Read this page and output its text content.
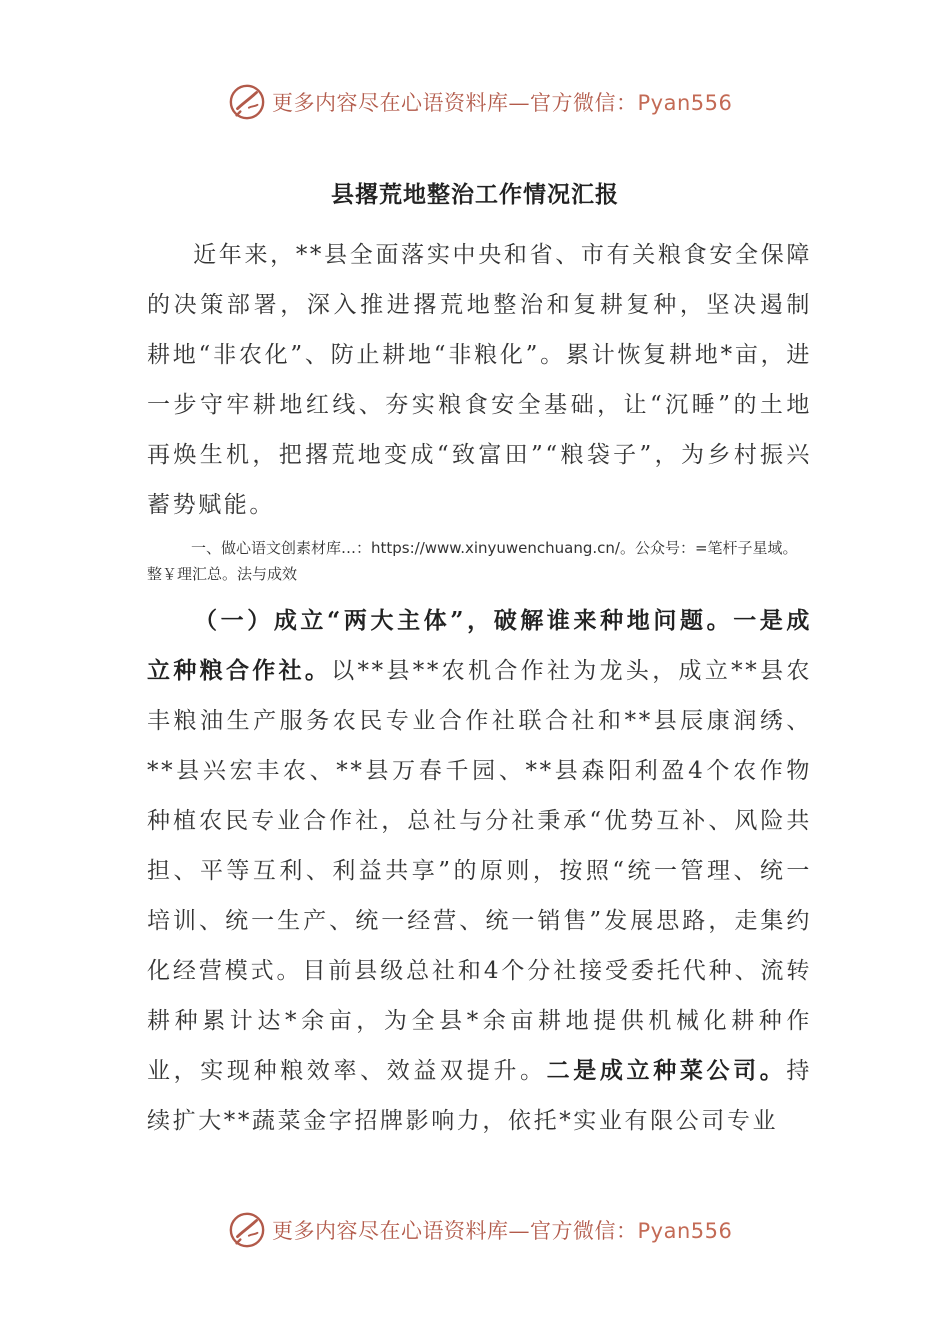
更多内容尽在心语资料库—官方微信：Pyan556
县撂荒地整治工作情况汇报

近年来，**县全面落实中央和省、市有关粮食安全保障的决策部署，深入推进撂荒地整治和复耕复种，坚决遏制耕地“非农化”、防止耕地“非粮化”。累计恢复耕地*亩，进一步守牢耕地红线、夯实粮食安全基础，让“沉睡”的土地再焕生机，把撂荒地变成“致富田”“粮袋子”，为乡村振兴蓄势赋能。

一、做心语文创素材库…：https://www.xinyuwenchuang.cn/。公众号：=笔杆子星域。整￥理汇总。法与成效

（一）成立“两大主体”，破解谁来种地问题。一是成立种粮合作社。以**县**农机合作社为龙头，成立**县农丰粮油生产服务农民专业合作社联合社和**县辰康润绣、**县兴宏丰农、**县万春千园、**县森阳利盈4个农作物种植农民专业合作社，总社与分社秉承“优势互补、风险共担、平等互利、利益共享”的原则，按照“统一管理、统一培训、统一生产、统一经营、统一销售”发展思路，走集约化经营模式。目前县级总社和4个分社接受委托代种、流转耕种累计达*余亩，为全县*余亩耕地提供机械化耕种作业，实现种粮效率、效益双提升。二是成立种菜公司。持续扩大**蔬菜金字招牌影响力，依托*实业有限公司专业

更多内容尽在心语资料库—官方微信：Pyan556
